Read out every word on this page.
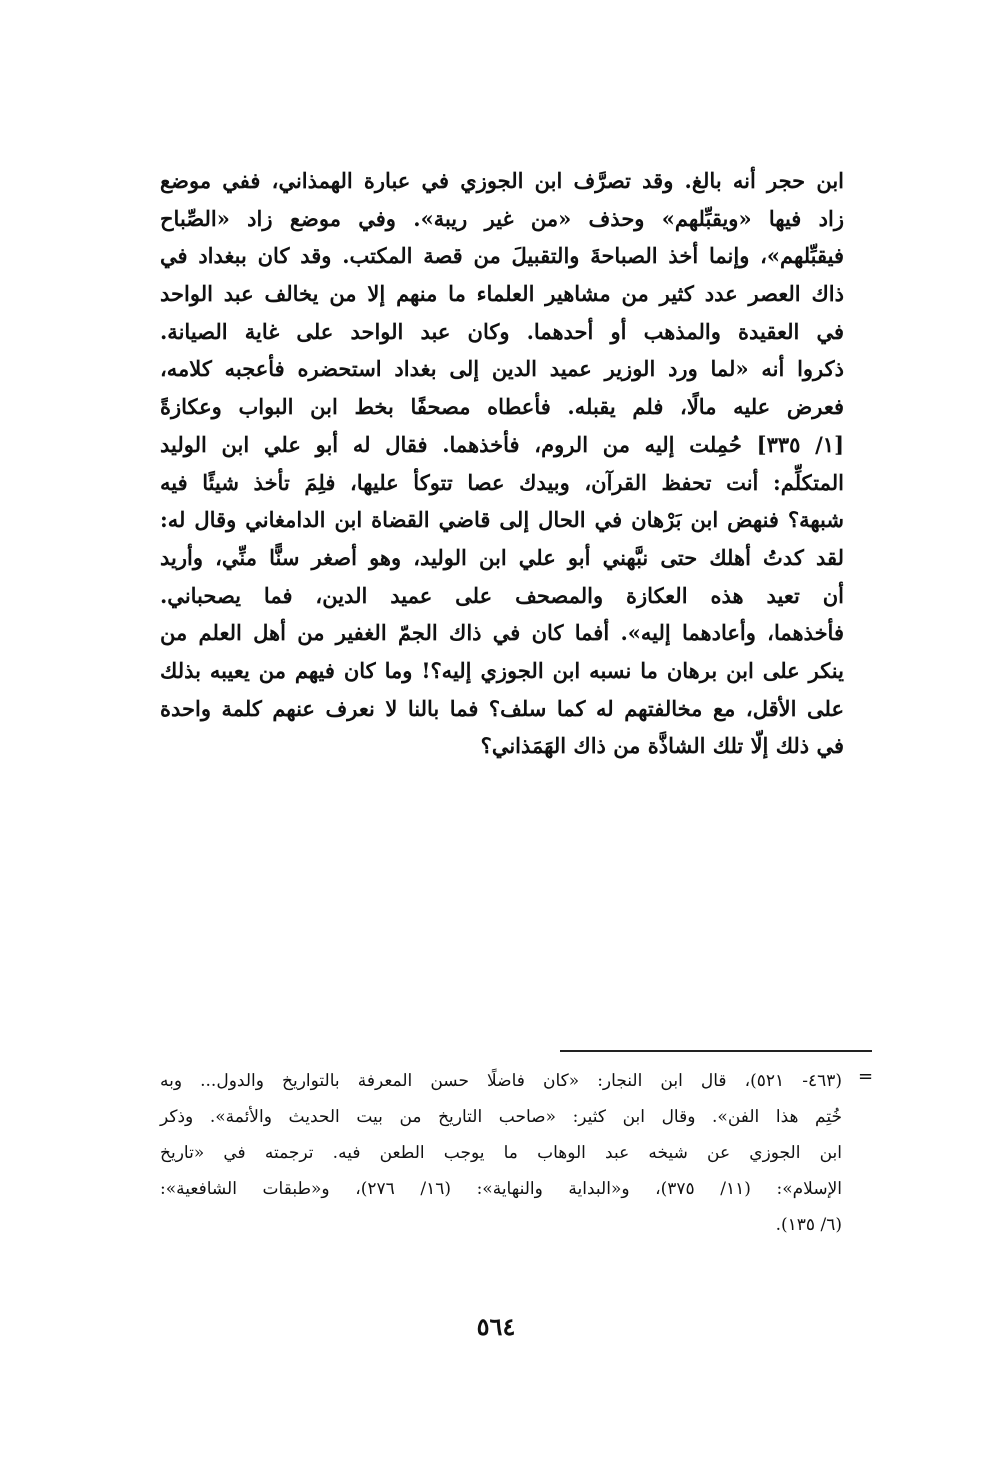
ابن حجر أنه بالغ. وقد تصرَّف ابن الجوزي في عبارة الهمذاني، ففي موضع
زاد فيها «ويقبِّلهم» وحذف «من غير ريبة». وفي موضع زاد «الصِّباح
فيقبِّلهم»، وإنما أخذ الصباحةَ والتقبيلَ من قصة المكتب. وقد كان ببغداد في
ذاك العصر عدد كثير من مشاهير العلماء ما منهم إلا من يخالف عبد الواحد
في العقيدة والمذهب أو أحدهما. وكان عبد الواحد على غاية الصيانة.
ذكروا أنه «لما ورد الوزير عميد الدين إلى بغداد استحضره فأعجبه كلامه،
فعرض عليه مالًا، فلم يقبله. فأعطاه مصحفًا بخط ابن البواب وعكازةً
[١/ ٣٣٥] حُمِلت إليه من الروم، فأخذهما. فقال له أبو علي ابن الوليد
المتكلِّم: أنت تحفظ القرآن، وبيدك عصا تتوكأ عليها، فلِمَ تأخذ شيئًا فيه
شبهة؟ فنهض ابن بَرْهان في الحال إلى قاضي القضاة ابن الدامغاني وقال له:
لقد كدتُ أهلك حتى نبَّهني أبو علي ابن الوليد، وهو أصغر سنًّا منِّي، وأريد
أن تعيد هذه العكازة والمصحف على عميد الدين، فما يصحباني.
فأخذهما، وأعادهما إليه». أفما كان في ذاك الجمّ الغفير من أهل العلم من
ينكر على ابن برهان ما نسبه ابن الجوزي إليه؟! وما كان فيهم من يعيبه بذلك
على الأقل، مع مخالفتهم له كما سلف؟ فما بالنا لا نعرف عنهم كلمة واحدة
في ذلك إلّا تلك الشاذَّة من ذاك الهَمَذاني؟
=
(٤٦٣- ٥٢١)، قال ابن النجار: «كان فاضلًا حسن المعرفة بالتواريخ والدول... وبه
خُتِم هذا الفن». وقال ابن كثير: «صاحب التاريخ من بيت الحديث والأئمة». وذكر
ابن الجوزي عن شيخه عبد الوهاب ما يوجب الطعن فيه. ترجمته في «تاريخ
الإسلام»: (١١/ ٣٧٥)، و«البداية والنهاية»: (١٦/ ٢٧٦)، و«طبقات الشافعية»:
(٦/ ١٣٥).
٥٦٤
